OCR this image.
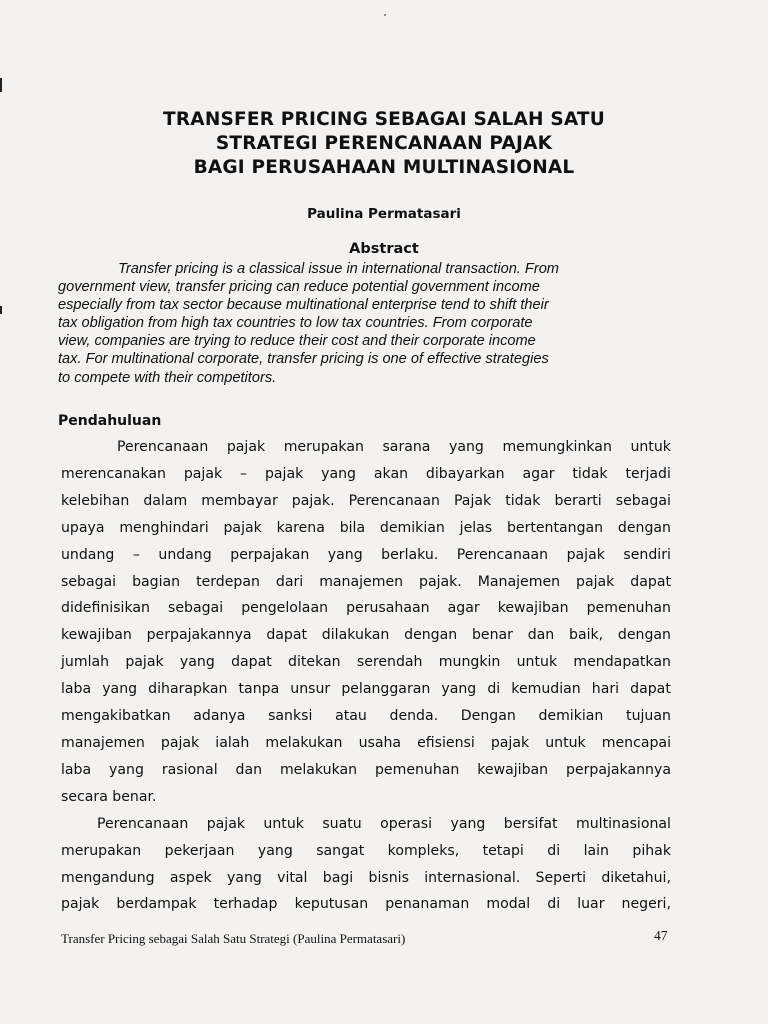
TRANSFER PRICING SEBAGAI SALAH SATU
STRATEGI PERENCANAAN PAJAK
BAGI PERUSAHAAN MULTINASIONAL
Paulina Permatasari
Abstract
Transfer pricing is a classical issue in international transaction. From
government view, transfer pricing can reduce potential government income
especially from tax sector because multinational enterprise tend to shift their
tax obligation from high tax countries to low tax countries. From corporate
view, companies are trying to reduce their cost and their corporate income
tax. For multinational corporate, transfer pricing is one of effective strategies
to compete with their competitors.
Pendahuluan
Perencanaan pajak merupakan sarana yang memungkinkan untuk
merencanakan pajak – pajak yang akan dibayarkan agar tidak terjadi
kelebihan dalam membayar pajak. Perencanaan Pajak tidak berarti sebagai
upaya menghindari pajak karena bila demikian jelas bertentangan dengan
undang – undang perpajakan yang berlaku. Perencanaan pajak sendiri
sebagai bagian terdepan dari manajemen pajak. Manajemen pajak dapat
didefinisikan sebagai pengelolaan perusahaan agar kewajiban pemenuhan
kewajiban perpajakannya dapat dilakukan dengan benar dan baik, dengan
jumlah pajak yang dapat ditekan serendah mungkin untuk mendapatkan
laba yang diharapkan tanpa unsur pelanggaran yang di kemudian hari dapat
mengakibatkan adanya sanksi atau denda. Dengan demikian tujuan
manajemen pajak ialah melakukan usaha efisiensi pajak untuk mencapai
laba yang rasional dan melakukan pemenuhan kewajiban perpajakannya
secara benar.
Perencanaan pajak untuk suatu operasi yang bersifat multinasional
merupakan pekerjaan yang sangat kompleks, tetapi di lain pihak
mengandung aspek yang vital bagi bisnis internasional. Seperti diketahui,
pajak berdampak terhadap keputusan penanaman modal di luar negeri,
Transfer Pricing sebagai Salah Satu Strategi (Paulina Permatasari)	47
